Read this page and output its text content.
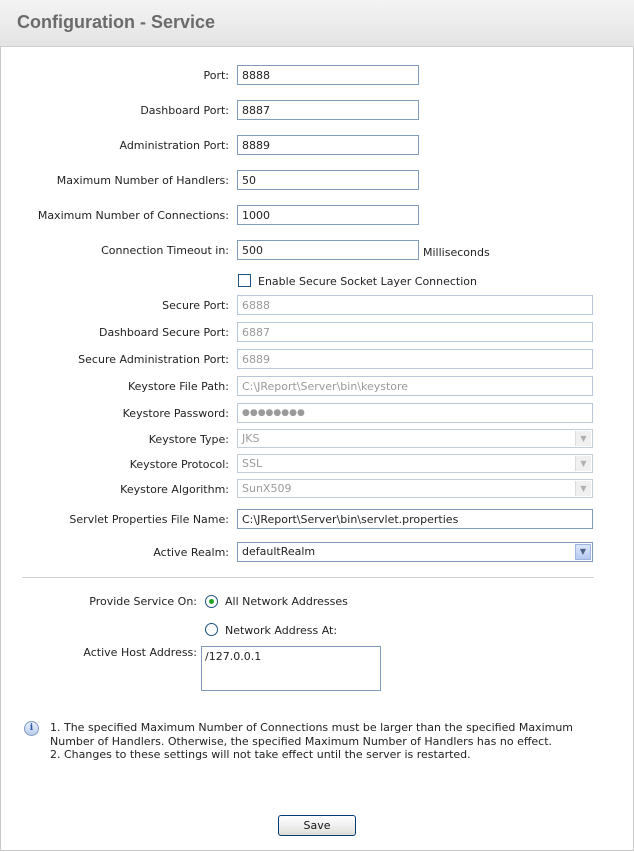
Configuration - Service
Port:	8888
Dashboard Port:	8887
Administration Port:	8889
Maximum Number of Handlers:	50
Maximum Number of Connections:	1000
Connection Timeout in:	500	Milliseconds
Enable Secure Socket Layer Connection
Secure Port:	6888
Dashboard Secure Port:	6887
Secure Administration Port:	6889
Keystore File Path:	C:\JReport\Server\bin\keystore
Keystore Password:	●●●●●●●●
Keystore Type:	JKS	▼
Keystore Protocol:	SSL	▼
Keystore Algorithm:	SunX509	▼
Servlet Properties File Name:	C:\JReport\Server\bin\servlet.properties
Active Realm:	defaultRealm	▼
Provide Service On:	All Network Addresses
Network Address At:
Active Host Address: /127.0.0.1
i	1. The specified Maximum Number of Connections must be larger than the specified Maximum
Number of Handlers. Otherwise, the specified Maximum Number of Handlers has no effect.
2. Changes to these settings will not take effect until the server is restarted.
Save
